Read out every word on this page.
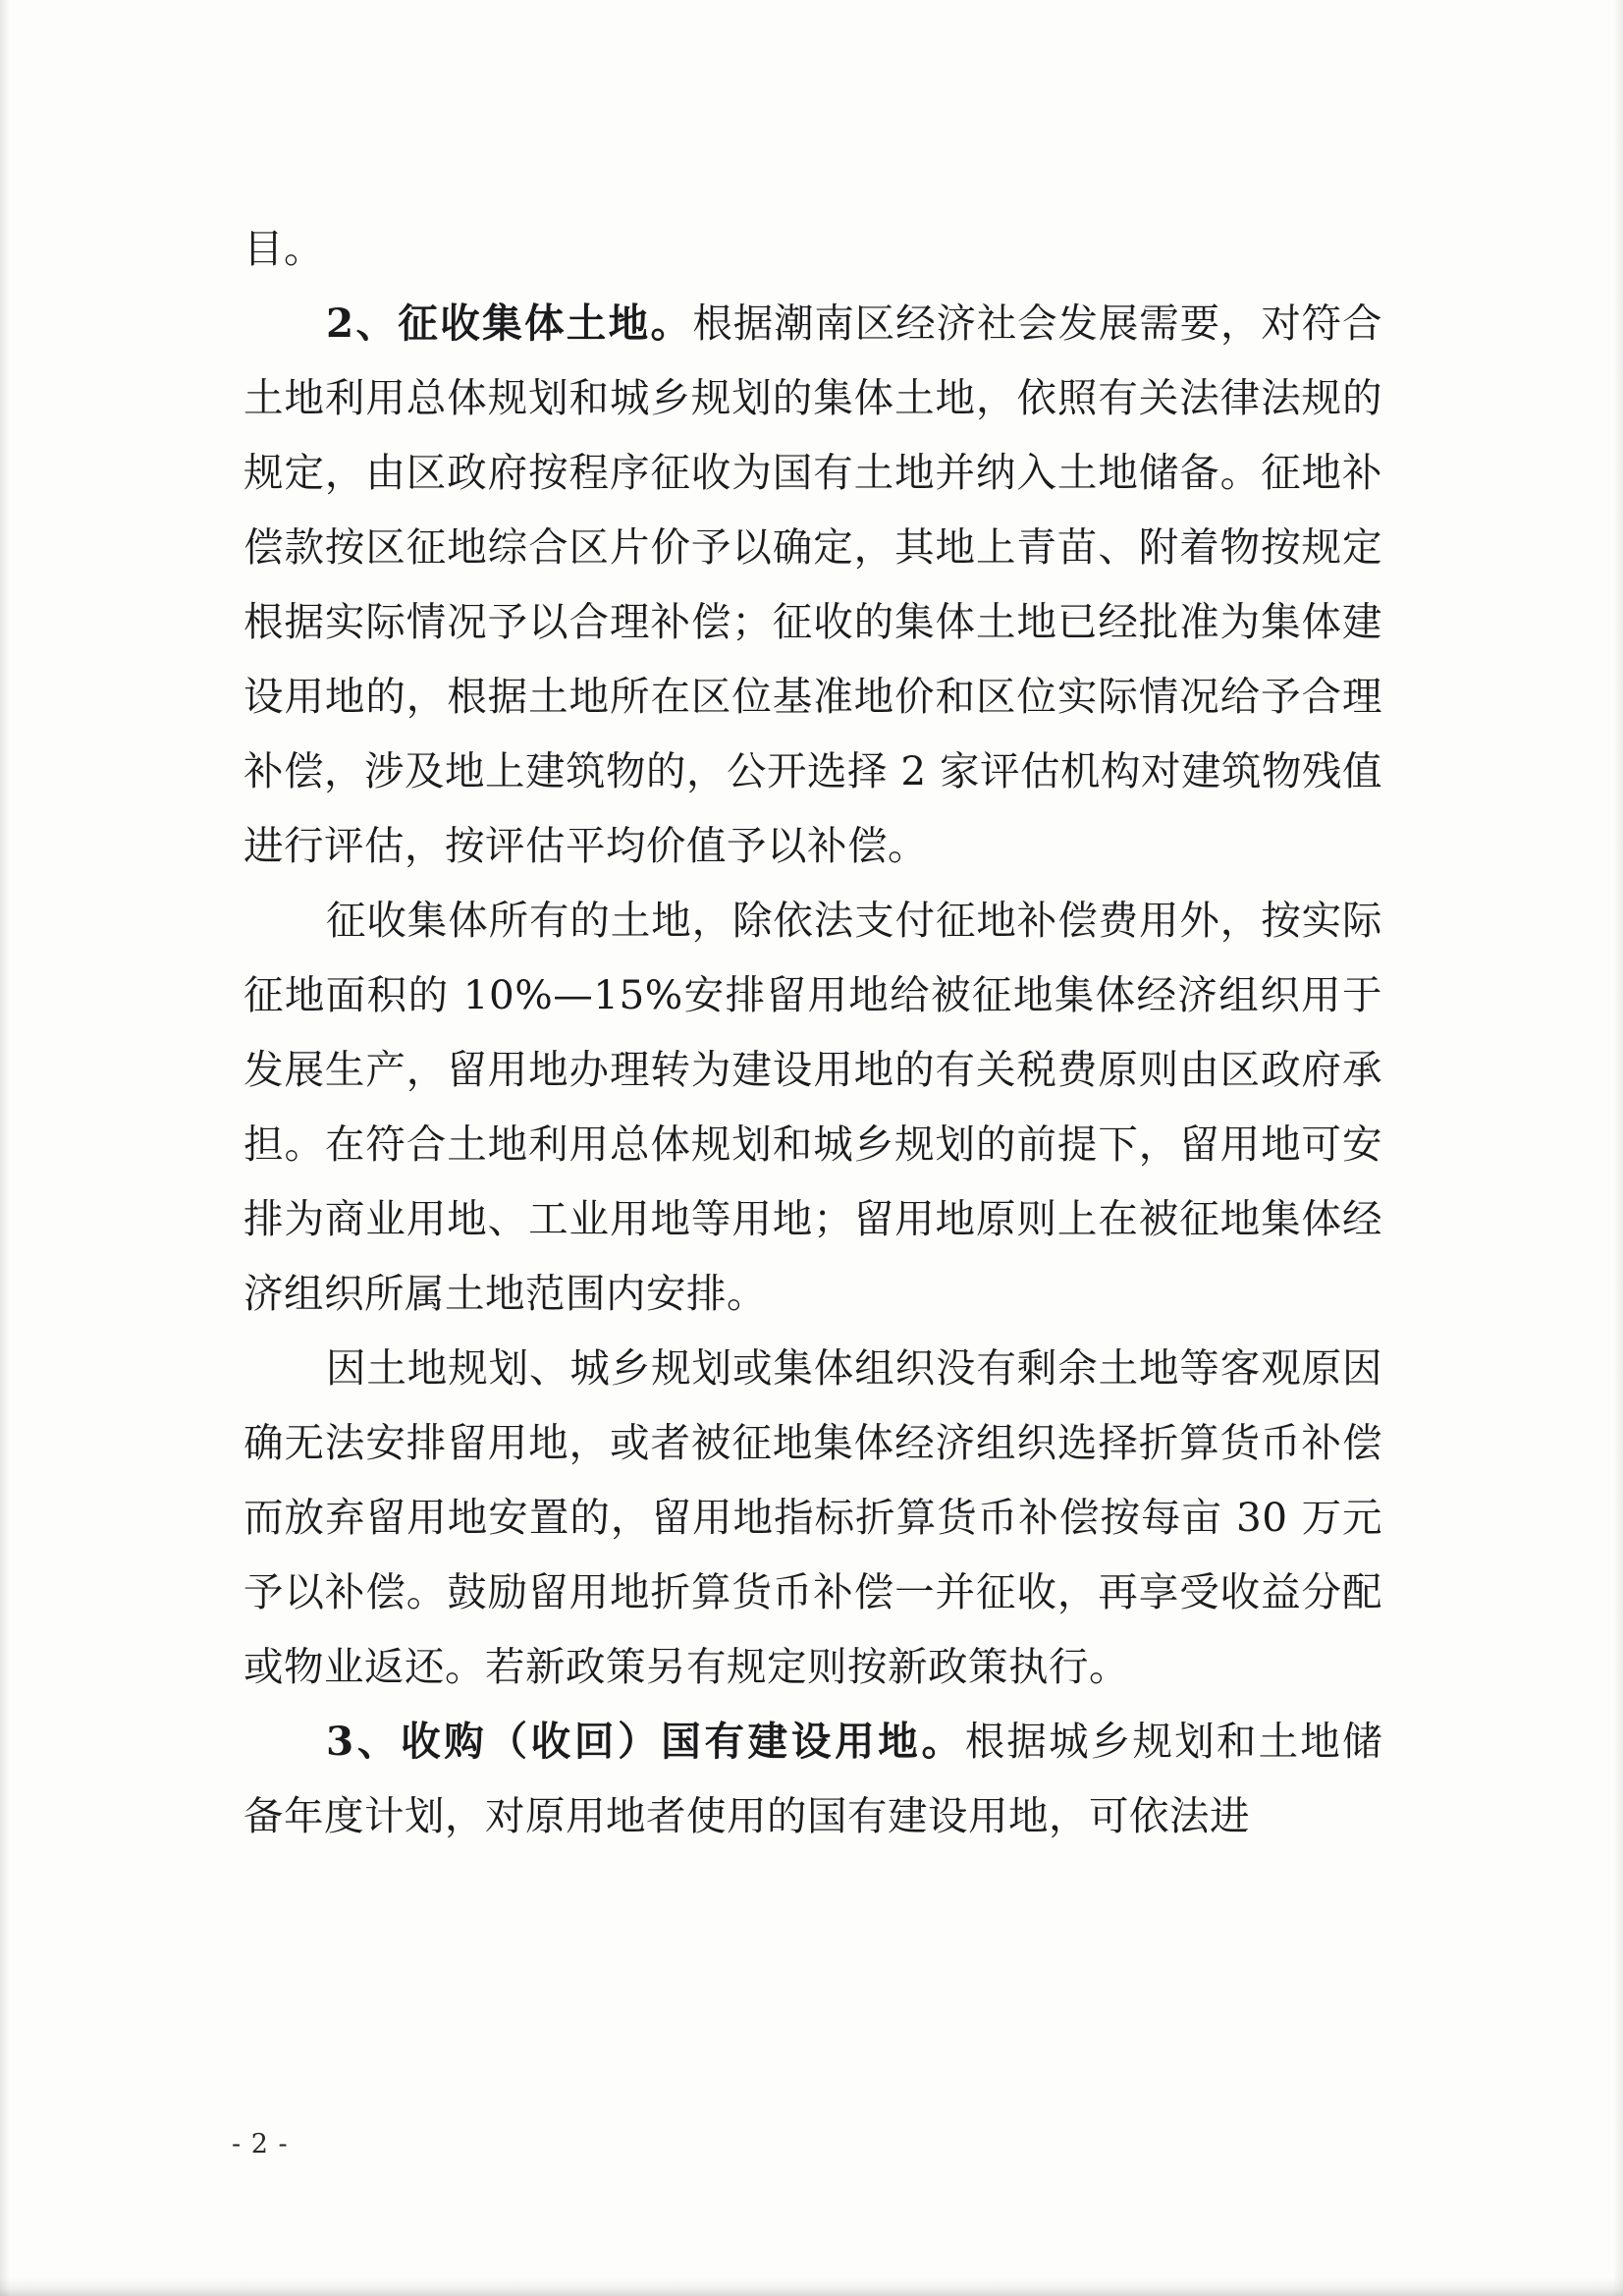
目。

2、征收集体土地。根据潮南区经济社会发展需要，对符合土地利用总体规划和城乡规划的集体土地，依照有关法律法规的规定，由区政府按程序征收为国有土地并纳入土地储备。征地补偿款按区征地综合区片价予以确定，其地上青苗、附着物按规定根据实际情况予以合理补偿；征收的集体土地已经批准为集体建设用地的，根据土地所在区位基准地价和区位实际情况给予合理补偿，涉及地上建筑物的，公开选择 2 家评估机构对建筑物残值进行评估，按评估平均价值予以补偿。

征收集体所有的土地，除依法支付征地补偿费用外，按实际征地面积的 10%—15%安排留用地给被征地集体经济组织用于发展生产，留用地办理转为建设用地的有关税费原则由区政府承担。在符合土地利用总体规划和城乡规划的前提下，留用地可安排为商业用地、工业用地等用地；留用地原则上在被征地集体经济组织所属土地范围内安排。

因土地规划、城乡规划或集体组织没有剩余土地等客观原因确无法安排留用地，或者被征地集体经济组织选择折算货币补偿而放弃留用地安置的，留用地指标折算货币补偿按每亩 30 万元予以补偿。鼓励留用地折算货币补偿一并征收，再享受收益分配或物业返还。若新政策另有规定则按新政策执行。

3、收购（收回）国有建设用地。根据城乡规划和土地储备年度计划，对原用地者使用的国有建设用地，可依法进

- 2 -
